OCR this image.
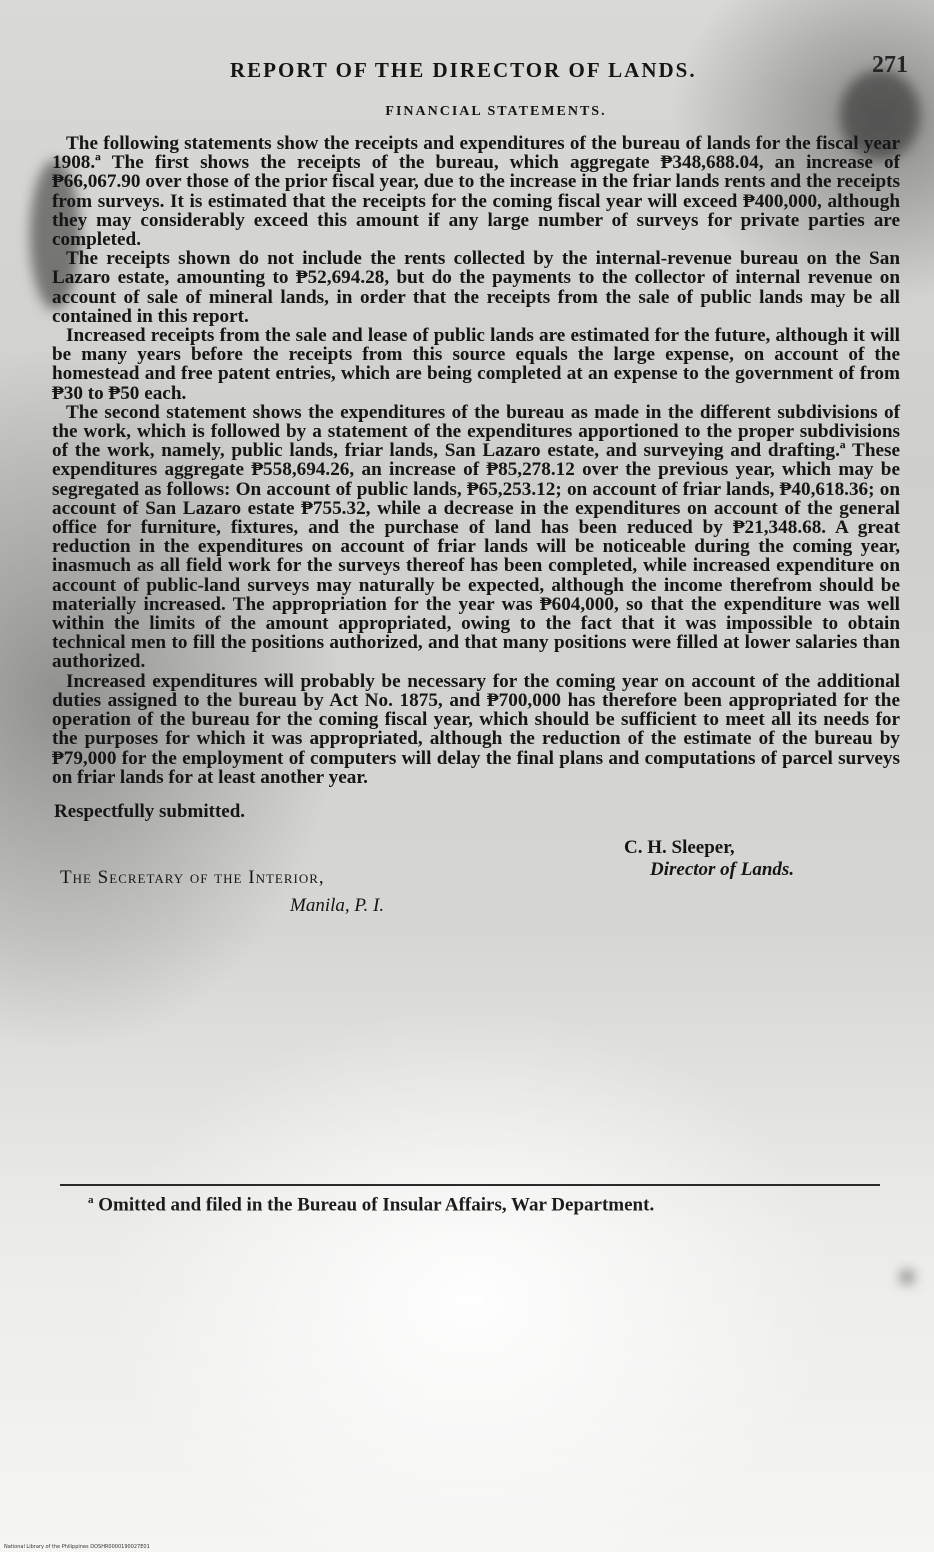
REPORT OF THE DIRECTOR OF LANDS.	271
FINANCIAL STATEMENTS.

The following statements show the receipts and expenditures of the bureau of lands for the fiscal year 1908.ª The first shows the receipts of the bureau, which aggregate ₱348,688.04, an increase of ₱66,067.90 over those of the prior fiscal year, due to the increase in the friar lands rents and the receipts from surveys. It is estimated that the receipts for the coming fiscal year will exceed ₱400,000, although they may considerably exceed this amount if any large number of surveys for private parties are completed.

The receipts shown do not include the rents collected by the internal-revenue bureau on the San Lazaro estate, amounting to ₱52,694.28, but do the payments to the collector of internal revenue on account of sale of mineral lands, in order that the receipts from the sale of public lands may be all contained in this report.

Increased receipts from the sale and lease of public lands are estimated for the future, although it will be many years before the receipts from this source equals the large expense, on account of the homestead and free patent entries, which are being completed at an expense to the government of from ₱30 to ₱50 each.

The second statement shows the expenditures of the bureau as made in the different subdivisions of the work, which is followed by a statement of the expenditures apportioned to the proper subdivisions of the work, namely, public lands, friar lands, San Lazaro estate, and surveying and drafting.ª These expenditures aggregate ₱558,694.26, an increase of ₱85,278.12 over the previous year, which may be segregated as follows: On account of public lands, ₱65,253.12; on account of friar lands, ₱40,618.36; on account of San Lazaro estate ₱755.32, while a decrease in the expenditures on account of the general office for furniture, fixtures, and the purchase of land has been reduced by ₱21,348.68. A great reduction in the expenditures on account of friar lands will be noticeable during the coming year, inasmuch as all field work for the surveys thereof has been completed, while increased expenditure on account of public-land surveys may naturally be expected, although the income therefrom should be materially increased. The appropriation for the year was ₱604,000, so that the expenditure was well within the limits of the amount appropriated, owing to the fact that it was impossible to obtain technical men to fill the positions authorized, and that many positions were filled at lower salaries than authorized.

Increased expenditures will probably be necessary for the coming year on account of the additional duties assigned to the bureau by Act No. 1875, and ₱700,000 has therefore been appropriated for the operation of the bureau for the coming fiscal year, which should be sufficient to meet all its needs for the purposes for which it was appropriated, although the reduction of the estimate of the bureau by ₱79,000 for the employment of computers will delay the final plans and computations of parcel surveys on friar lands for at least another year.

Respectfully submitted.
C. H. Sleeper,
Director of Lands.
The Secretary of the Interior,
Manila, P. I.
$^a$ Omitted and filed in the Bureau of Insular Affairs, War Department.
National Library of the Philippines DOSHR0000190027E01
